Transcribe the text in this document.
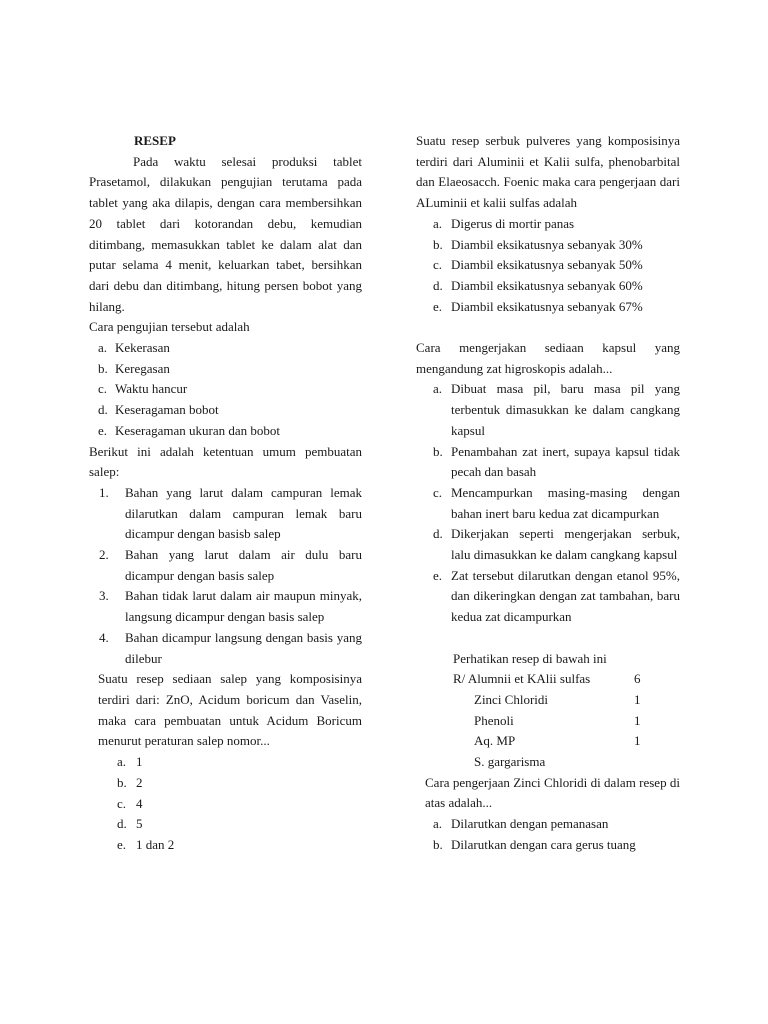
RESEP

Pada waktu selesai produksi tablet Prasetamol, dilakukan pengujian terutama pada tablet yang aka dilapis, dengan cara membersihkan 20 tablet dari kotorandan debu, kemudian ditimbang, memasukkan tablet ke dalam alat dan putar selama 4 menit, keluarkan tabet, bersihkan dari debu dan ditimbang, hitung persen bobot yang hilang.

Cara pengujian tersebut adalah

a. Kekerasan
b. Keregasan
c. Waktu hancur
d. Keseragaman bobot
e. Keseragaman ukuran dan bobot

Berikut ini adalah ketentuan umum pembuatan salep:

1.	Bahan yang larut dalam campuran lemak dilarutkan dalam campuran lemak baru dicampur dengan basisb salep
2.	Bahan yang larut dalam air dulu baru dicampur dengan basis salep
3.	Bahan tidak larut dalam air maupun minyak, langsung dicampur dengan basis salep
4.	Bahan dicampur langsung dengan basis yang dilebur

Suatu resep sediaan salep yang komposisinya terdiri dari: ZnO, Acidum boricum dan Vaselin, maka cara pembuatan untuk Acidum Boricum menurut peraturan salep nomor...

a. 1
b. 2
c. 4
d. 5
e. 1 dan 2

Suatu resep serbuk pulveres yang komposisinya terdiri dari Aluminii et Kalii sulfa, phenobarbital dan Elaeosacch. Foenic maka cara pengerjaan dari ALuminii et kalii sulfas adalah

a. Digerus di mortir panas
b. Diambil eksikatusnya sebanyak 30%
c. Diambil eksikatusnya sebanyak 50%
d. Diambil eksikatusnya sebanyak 60%
e. Diambil eksikatusnya sebanyak 67%

Cara mengerjakan sediaan kapsul yang mengandung zat higroskopis adalah...

a. Dibuat masa pil, baru masa pil yang terbentuk dimasukkan ke dalam cangkang kapsul
b. Penambahan zat inert, supaya kapsul tidak pecah dan basah
c. Mencampurkan masing-masing dengan bahan inert baru kedua zat dicampurkan
d. Dikerjakan seperti mengerjakan serbuk, lalu dimasukkan ke dalam cangkang kapsul
e. Zat tersebut dilarutkan dengan etanol 95%, dan dikeringkan dengan zat tambahan, baru kedua zat dicampurkan

Perhatikan resep di bawah ini

R/ Alumnii et KAlii sulfas	6
Zinci Chloridi	1
Phenoli	1
Aq. MP	1
S. gargarisma

Cara pengerjaan Zinci Chloridi di dalam resep di atas adalah...

a. Dilarutkan dengan pemanasan
b. Dilarutkan dengan cara gerus tuang
